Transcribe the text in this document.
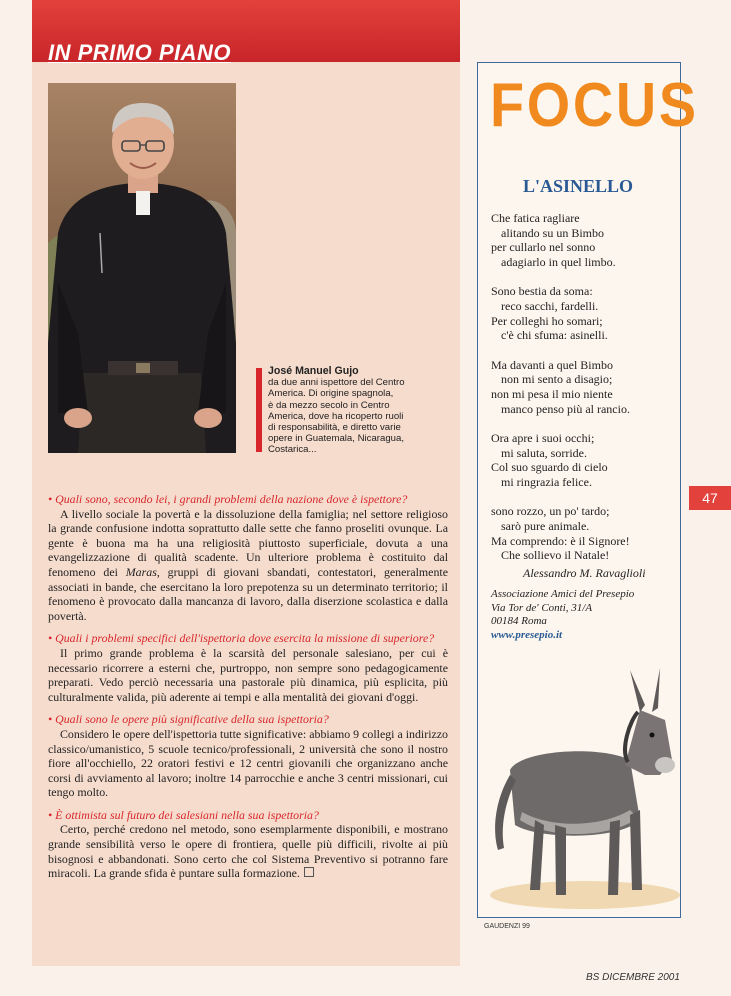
IN PRIMO PIANO
José Manuel Gujo
da due anni ispettore del Centro
America. Di origine spagnola,
è da mezzo secolo in Centro
America, dove ha ricoperto ruoli
di responsabilità, e diretto varie
opere in Guatemala, Nicaragua,
Costarica...

• Quali sono, secondo lei, i grandi problemi della nazione dove è ispettore?

A livello sociale la povertà e la dissoluzione della famiglia; nel settore religioso la grande confusione indotta soprattutto dalle sette che fanno proseliti ovunque. La gente è buona ma ha una religiosità piuttosto superficiale, dovuta a una evangelizzazione di qualità scadente. Un ulteriore problema è costituito dal fenomeno dei Maras, gruppi di giovani sbandati, contestatori, generalmente associati in bande, che esercitano la loro prepotenza su un determinato territorio; il fenomeno è provocato dalla mancanza di lavoro, dalla diserzione scolastica e dalla povertà.

• Quali i problemi specifici dell'ispettoria dove esercita la missione di superiore?

Il primo grande problema è la scarsità del personale salesiano, per cui è necessario ricorrere a esterni che, purtroppo, non sempre sono pedagogicamente preparati. Vedo perciò necessaria una pastorale più dinamica, più esplicita, più culturalmente valida, più aderente ai tempi e alla mentalità dei giovani d'oggi.

• Quali sono le opere più significative della sua ispettoria?

Considero le opere dell'ispettoria tutte significative: abbiamo 9 collegi a indirizzo classico/umanistico, 5 scuole tecnico/professionali, 2 università che sono il nostro fiore all'occhiello, 22 oratori festivi e 12 centri giovanili che organizzano anche corsi di avviamento al lavoro; inoltre 14 parrocchie e anche 3 centri missionari, cui tengo molto.

• È ottimista sul futuro dei salesiani nella sua ispettoria?

Certo, perché credono nel metodo, sono esemplarmente disponibili, e mostrano grande sensibilità verso le opere di frontiera, quelle più difficili, rivolte ai più bisognosi e abbandonati. Sono certo che col Sistema Preventivo si potranno fare miracoli. La grande sfida è puntare sulla formazione.

FOCUS
L'ASINELLO
Che fatica ragliare
alitando su un Bimbo
per cullarlo nel sonno
adagiarlo in quel limbo.
Sono bestia da soma:
reco sacchi, fardelli.
Per colleghi ho somari;
c'è chi sfuma: asinelli.
Ma davanti a quel Bimbo
non mi sento a disagio;
non mi pesa il mio niente
manco penso più al rancio.
Ora apre i suoi occhi;
mi saluta, sorride.
Col suo sguardo di cielo
mi ringrazia felice.
sono rozzo, un po' tardo;
sarò pure animale.
Ma comprendo: è il Signore!
Che sollievo il Natale!
Alessandro M. Ravaglioli
Associazione Amici del Presepio
Via Tor de' Conti, 31/A
00184 Roma
www.presepio.it
GAUDENZI 99
47
BS DICEMBRE 2001
